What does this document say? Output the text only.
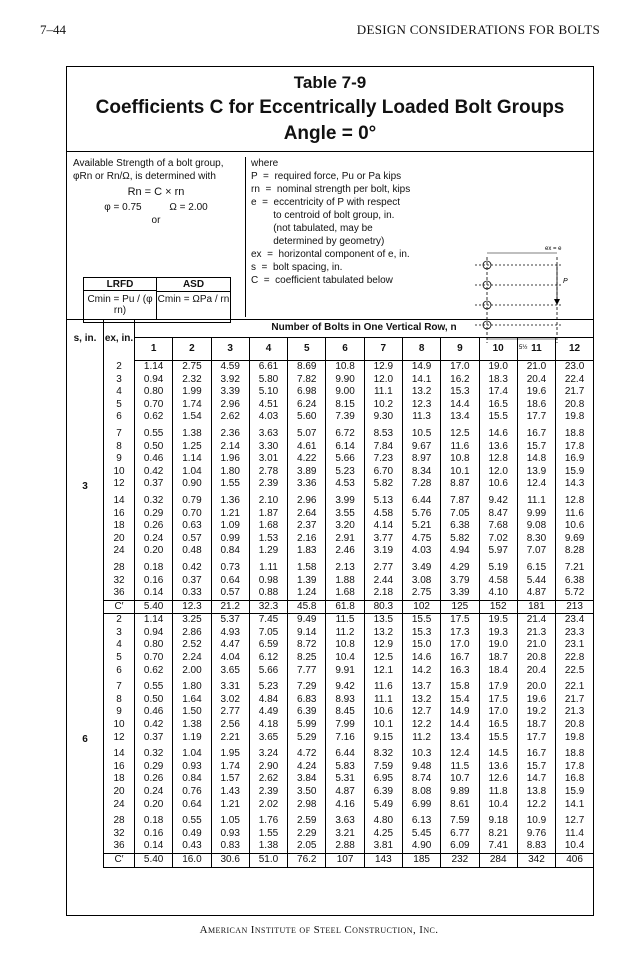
7–44	DESIGN CONSIDERATIONS FOR BOLTS
Table 7-9
Coefficients C for Eccentrically Loaded Bolt Groups
Angle = 0°
Available Strength of a bolt group,
φRn or Rn/Ω, is determined with
Rn = C × rn
φ = 0.75          Ω = 2.00
or
LRFD	ASD
Cmin = Pu / (φ rn)
Cmin = ΩPa / rn
where
P  =  required force, Pu or Pa kips
rn  =  nominal strength per bolt, kips
e  =  eccentricity of P with respect
to centroid of bolt group, in.
(not tabulated, may be
determined by geometry)
ex  =  horizontal component of e, in.
s  =  bolt spacing, in.
C  =  coefficient tabulated below
ex = e
P
5½
s, in.	ex, in.	Number of Bolts in One Vertical Row, n											
		1	2	3	4	5	6	7	8	9	10	11	12
3	2	1.14	2.75	4.59	6.61	8.69	10.8	12.9	14.9	17.0	19.0	21.0	23.0
	3	0.94	2.32	3.92	5.80	7.82	9.90	12.0	14.1	16.2	18.3	20.4	22.4
	4	0.80	1.99	3.39	5.10	6.98	9.00	11.1	13.2	15.3	17.4	19.6	21.7
	5	0.70	1.74	2.96	4.51	6.24	8.15	10.2	12.3	14.4	16.5	18.6	20.8
	6	0.62	1.54	2.62	4.03	5.60	7.39	9.30	11.3	13.4	15.5	17.7	19.8
	7	0.55	1.38	2.36	3.63	5.07	6.72	8.53	10.5	12.5	14.6	16.7	18.8
	8	0.50	1.25	2.14	3.30	4.61	6.14	7.84	9.67	11.6	13.6	15.7	17.8
	9	0.46	1.14	1.96	3.01	4.22	5.66	7.23	8.97	10.8	12.8	14.8	16.9
	10	0.42	1.04	1.80	2.78	3.89	5.23	6.70	8.34	10.1	12.0	13.9	15.9
	12	0.37	0.90	1.55	2.39	3.36	4.53	5.82	7.28	8.87	10.6	12.4	14.3
	14	0.32	0.79	1.36	2.10	2.96	3.99	5.13	6.44	7.87	9.42	11.1	12.8
	16	0.29	0.70	1.21	1.87	2.64	3.55	4.58	5.76	7.05	8.47	9.99	11.6
	18	0.26	0.63	1.09	1.68	2.37	3.20	4.14	5.21	6.38	7.68	9.08	10.6
	20	0.24	0.57	0.99	1.53	2.16	2.91	3.77	4.75	5.82	7.02	8.30	9.69
	24	0.20	0.48	0.84	1.29	1.83	2.46	3.19	4.03	4.94	5.97	7.07	8.28
	28	0.18	0.42	0.73	1.11	1.58	2.13	2.77	3.49	4.29	5.19	6.15	7.21
	32	0.16	0.37	0.64	0.98	1.39	1.88	2.44	3.08	3.79	4.58	5.44	6.38
	36	0.14	0.33	0.57	0.88	1.24	1.68	2.18	2.75	3.39	4.10	4.87	5.72
	C′	5.40	12.3	21.2	32.3	45.8	61.8	80.3	102	125	152	181	213
6	2	1.14	3.25	5.37	7.45	9.49	11.5	13.5	15.5	17.5	19.5	21.4	23.4
	3	0.94	2.86	4.93	7.05	9.14	11.2	13.2	15.3	17.3	19.3	21.3	23.3
	4	0.80	2.52	4.47	6.59	8.72	10.8	12.9	15.0	17.0	19.0	21.0	23.1
	5	0.70	2.24	4.04	6.12	8.25	10.4	12.5	14.6	16.7	18.7	20.8	22.8
	6	0.62	2.00	3.65	5.66	7.77	9.91	12.1	14.2	16.3	18.4	20.4	22.5
	7	0.55	1.80	3.31	5.23	7.29	9.42	11.6	13.7	15.8	17.9	20.0	22.1
	8	0.50	1.64	3.02	4.84	6.83	8.93	11.1	13.2	15.4	17.5	19.6	21.7
	9	0.46	1.50	2.77	4.49	6.39	8.45	10.6	12.7	14.9	17.0	19.2	21.3
	10	0.42	1.38	2.56	4.18	5.99	7.99	10.1	12.2	14.4	16.5	18.7	20.8
	12	0.37	1.19	2.21	3.65	5.29	7.16	9.15	11.2	13.4	15.5	17.7	19.8
	14	0.32	1.04	1.95	3.24	4.72	6.44	8.32	10.3	12.4	14.5	16.7	18.8
	16	0.29	0.93	1.74	2.90	4.24	5.83	7.59	9.48	11.5	13.6	15.7	17.8
	18	0.26	0.84	1.57	2.62	3.84	5.31	6.95	8.74	10.7	12.6	14.7	16.8
	20	0.24	0.76	1.43	2.39	3.50	4.87	6.39	8.08	9.89	11.8	13.8	15.9
	24	0.20	0.64	1.21	2.02	2.98	4.16	5.49	6.99	8.61	10.4	12.2	14.1
	28	0.18	0.55	1.05	1.76	2.59	3.63	4.80	6.13	7.59	9.18	10.9	12.7
	32	0.16	0.49	0.93	1.55	2.29	3.21	4.25	5.45	6.77	8.21	9.76	11.4
	36	0.14	0.43	0.83	1.38	2.05	2.88	3.81	4.90	6.09	7.41	8.83	10.4
	C′	5.40	16.0	30.6	51.0	76.2	107	143	185	232	284	342	406
American Institute of Steel Construction, Inc.
